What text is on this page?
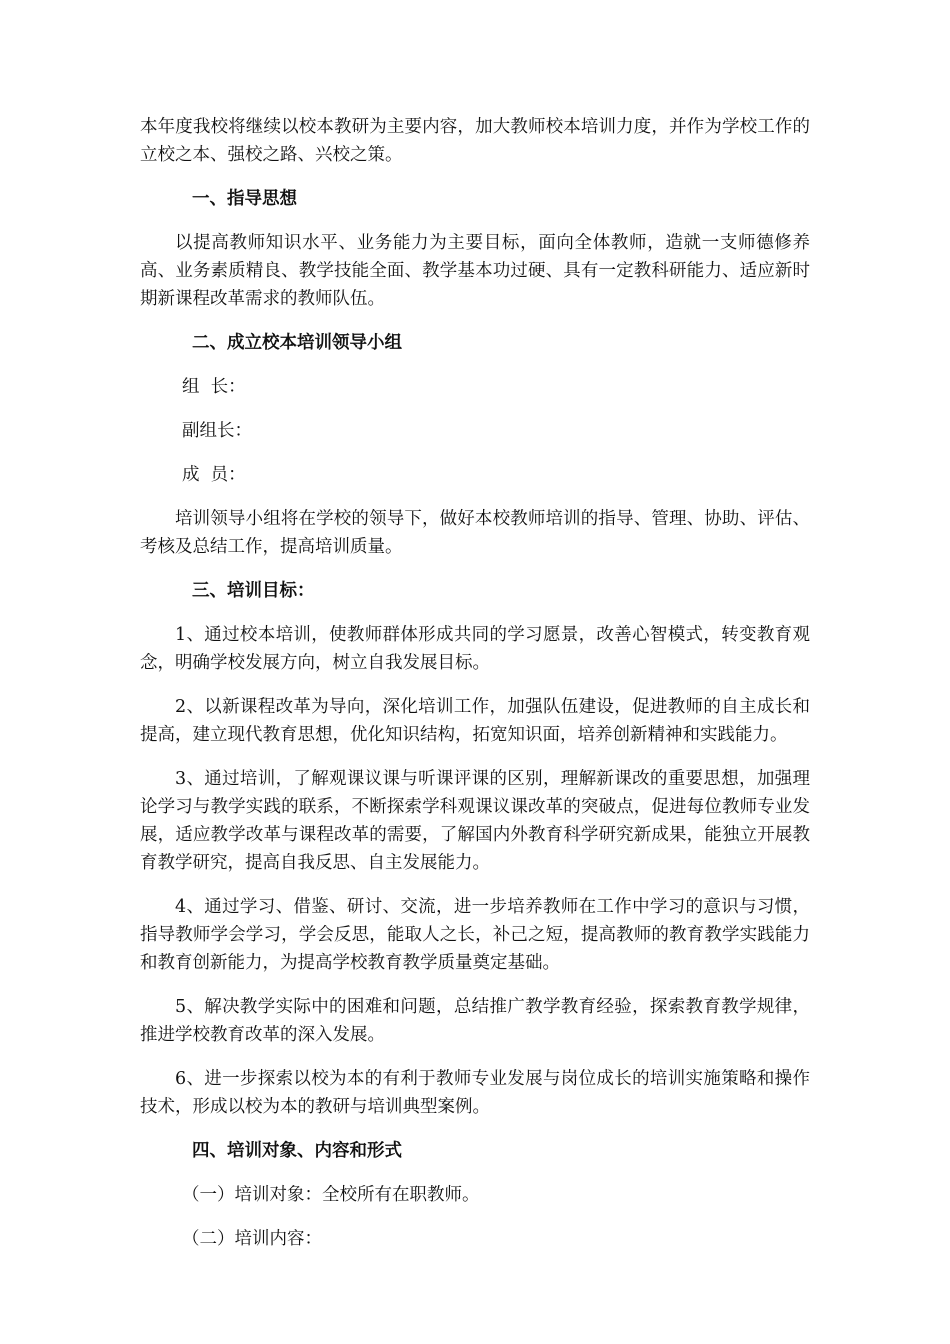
本年度我校将继续以校本教研为主要内容，加大教师校本培训力度，并作为学校工作的立校之本、强校之路、兴校之策。

一、指导思想

以提高教师知识水平、业务能力为主要目标，面向全体教师，造就一支师德修养高、业务素质精良、教学技能全面、教学基本功过硬、具有一定教科研能力、适应新时期新课程改革需求的教师队伍。

二、成立校本培训领导小组
组  长：
副组长：
成  员：

培训领导小组将在学校的领导下，做好本校教师培训的指导、管理、协助、评估、考核及总结工作，提高培训质量。

三、培训目标：

1、通过校本培训，使教师群体形成共同的学习愿景，改善心智模式，转变教育观念，明确学校发展方向，树立自我发展目标。

2、以新课程改革为导向，深化培训工作，加强队伍建设，促进教师的自主成长和提高，建立现代教育思想，优化知识结构，拓宽知识面，培养创新精神和实践能力。

3、通过培训，了解观课议课与听课评课的区别，理解新课改的重要思想，加强理论学习与教学实践的联系，不断探索学科观课议课改革的突破点，促进每位教师专业发展，适应教学改革与课程改革的需要，了解国内外教育科学研究新成果，能独立开展教育教学研究，提高自我反思、自主发展能力。

4、通过学习、借鉴、研讨、交流，进一步培养教师在工作中学习的意识与习惯，指导教师学会学习，学会反思，能取人之长，补己之短，提高教师的教育教学实践能力和教育创新能力，为提高学校教育教学质量奠定基础。

5、解决教学实际中的困难和问题，总结推广教学教育经验，探索教育教学规律，推进学校教育改革的深入发展。

6、进一步探索以校为本的有利于教师专业发展与岗位成长的培训实施策略和操作技术，形成以校为本的教研与培训典型案例。

四、培训对象、内容和形式
（一）培训对象：全校所有在职教师。
（二）培训内容：
